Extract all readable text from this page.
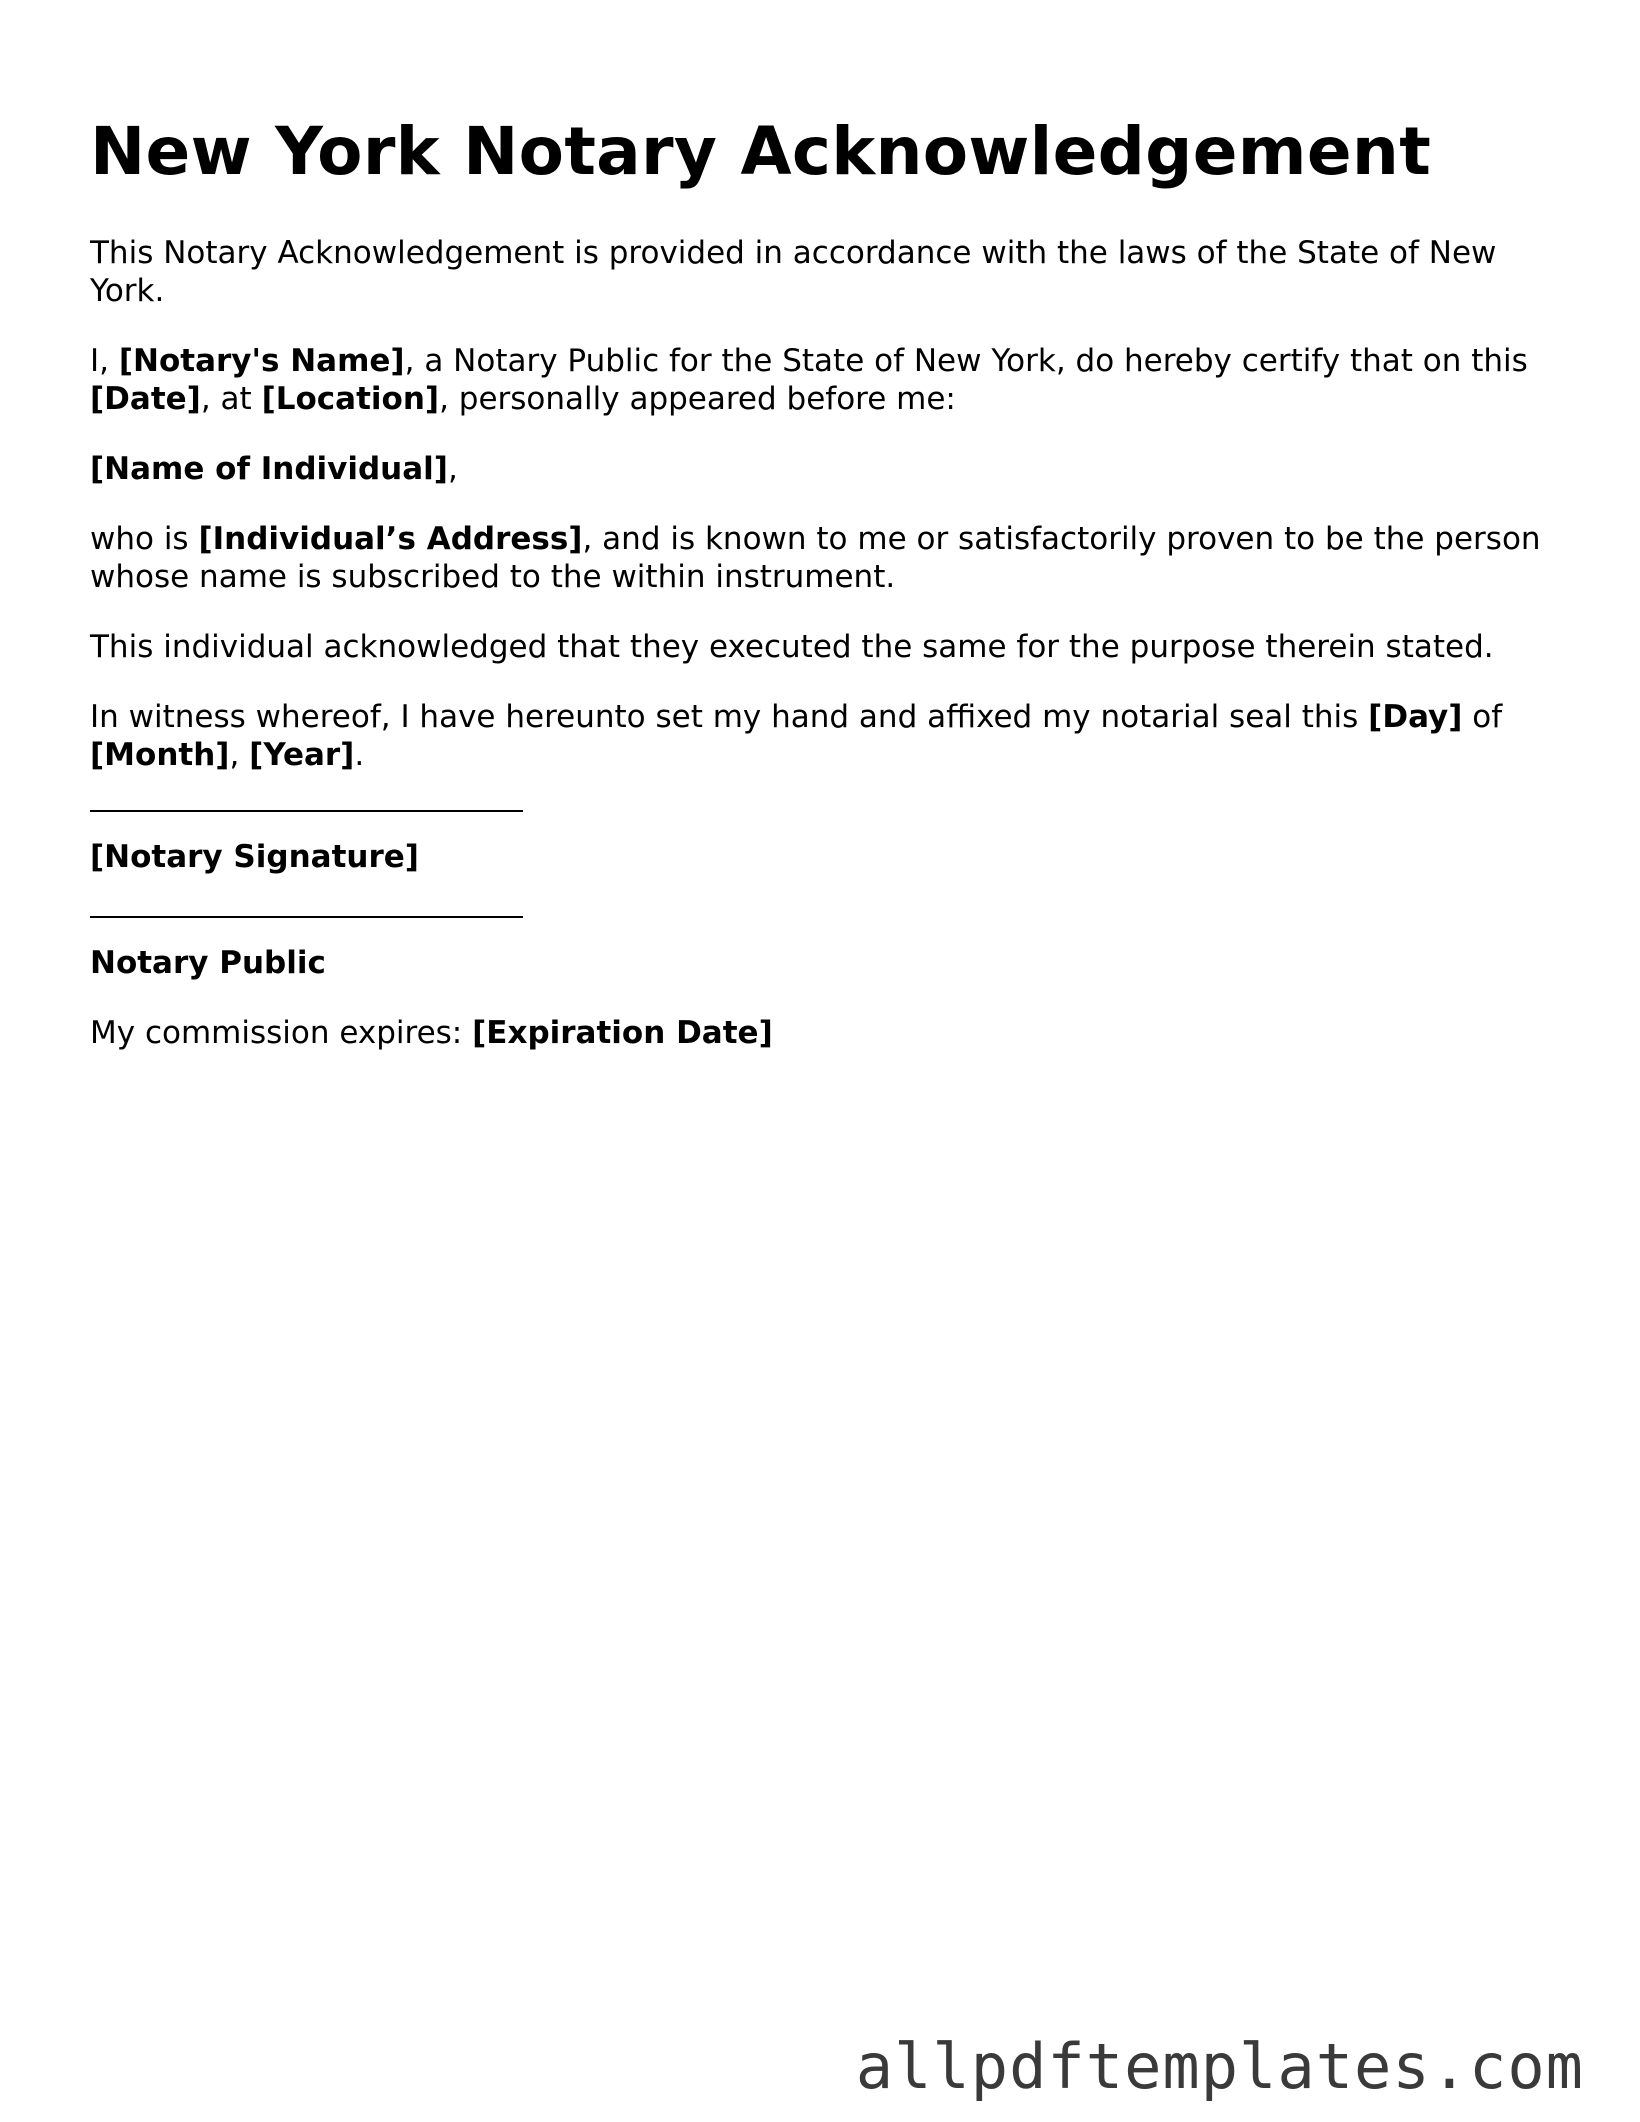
New York Notary Acknowledgement

This Notary Acknowledgement is provided in accordance with the laws of the State of New York.

I, [Notary's Name], a Notary Public for the State of New York, do hereby certify that on this [Date], at [Location], personally appeared before me:

[Name of Individual],

who is [Individual’s Address], and is known to me or satisfactorily proven to be the person whose name is subscribed to the within instrument.

This individual acknowledged that they executed the same for the purpose therein stated.

In witness whereof, I have hereunto set my hand and affixed my notarial seal this [Day] of [Month], [Year].

[Notary Signature]

Notary Public

My commission expires: [Expiration Date]

allpdftemplates.com
